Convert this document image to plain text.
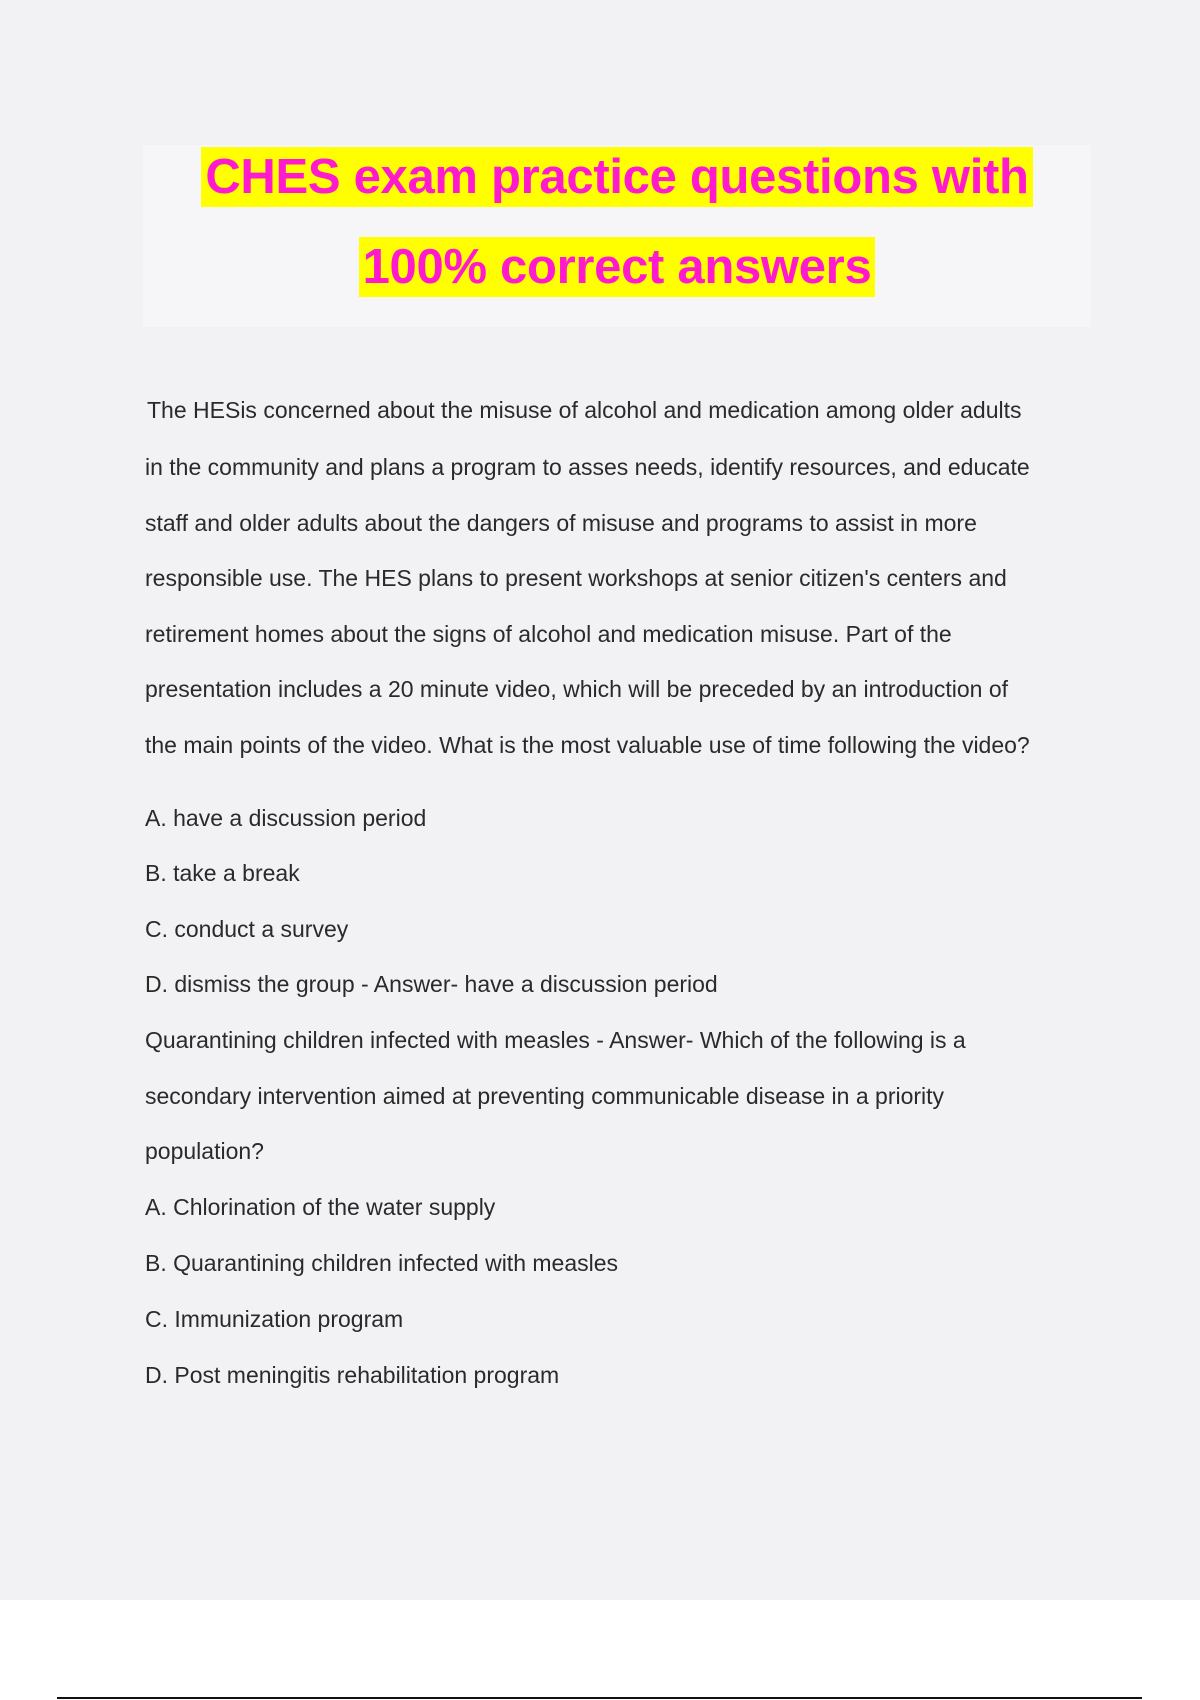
CHES exam practice questions with
100% correct answers
The HESis concerned about the misuse of alcohol and medication among older adults
in the community and plans a program to asses needs, identify resources, and educate
staff and older adults about the dangers of misuse and programs to assist in more
responsible use. The HES plans to present workshops at senior citizen's centers and
retirement homes about the signs of alcohol and medication misuse. Part of the
presentation includes a 20 minute video, which will be preceded by an introduction of
the main points of the video. What is the most valuable use of time following the video?
A. have a discussion period
B. take a break
C. conduct a survey
D. dismiss the group - Answer- have a discussion period
Quarantining children infected with measles - Answer- Which of the following is a
secondary intervention aimed at preventing communicable disease in a priority
population?
A. Chlorination of the water supply
B. Quarantining children infected with measles
C. Immunization program
D. Post meningitis rehabilitation program
